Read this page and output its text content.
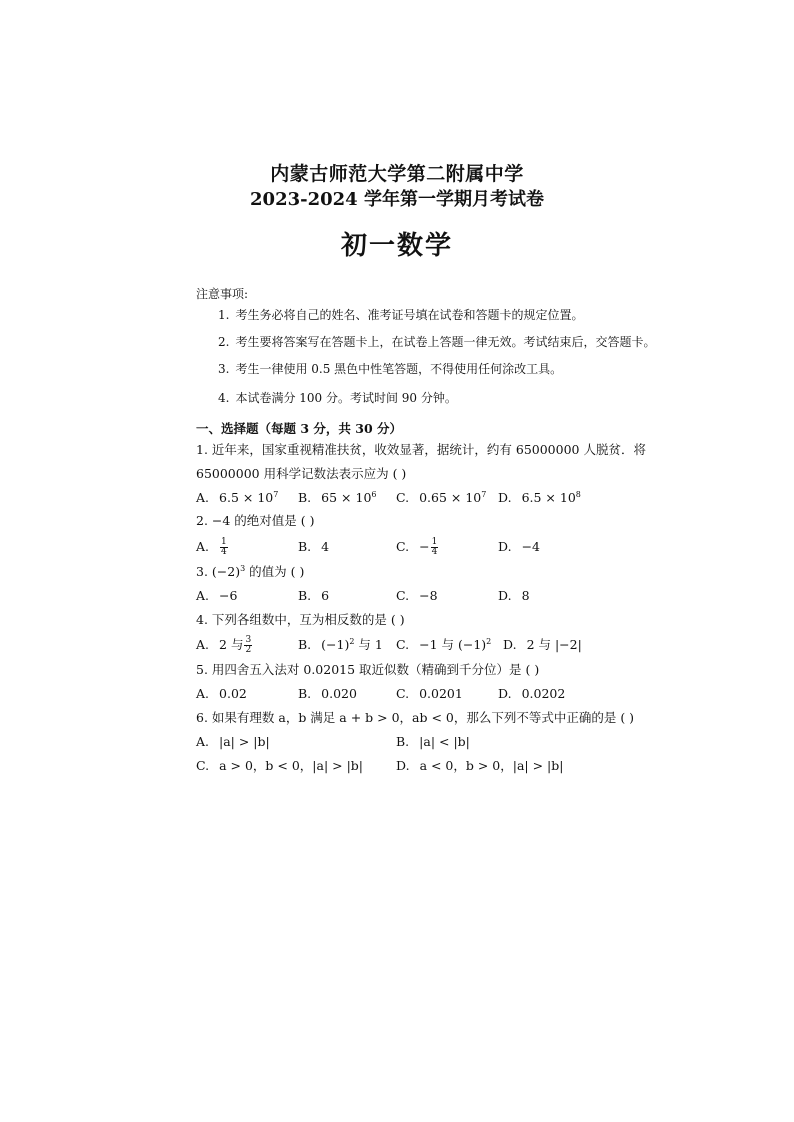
内蒙古师范大学第二附属中学
2023-2024 学年第一学期月考试卷
初一数学
注意事项:
1. 考生务必将自己的姓名、准考证号填在试卷和答题卡的规定位置。
2. 考生要将答案写在答题卡上，在试卷上答题一律无效。考试结束后，交答题卡。
3. 考生一律使用 0.5 黑色中性笔答题，不得使用任何涂改工具。
4. 本试卷满分 100 分。考试时间 90 分钟。
一、选择题（每题 3 分，共 30 分）
1. 近年来，国家重视精准扶贫，收效显著，据统计，约有 65000000 人脱贫．将
65000000 用科学记数法表示应为 ( )
A. $6.5 \times 10^7$ B. $65 \times 10^6$ C. $0.65 \times 10^7$ D. $6.5 \times 10^8$
2. −4 的绝对值是 ( )
A. $\frac{1}{4}$	B. 4	C. − $\frac{1}{4}$	D. −4
3. $(-2)^3$ 的值为 ( )
A. −6	B. 6	C. −8	D. 8
4. 下列各组数中，互为相反数的是 ( )
A. 2 与 $\frac{3}{2}$	B. $(-1)^2$ 与 1 C. −1 与 $(-1)^2$ D. 2 与 |−2|
5. 用四舍五入法对 0.02015 取近似数（精确到千分位）是 ( )
A. 0.02	B. 0.020	C. 0.0201	D. 0.0202
6. 如果有理数 a，b 满足 a + b > 0，ab < 0，那么下列不等式中正确的是 ( )
A. |a| > |b|	B. |a| < |b|
C. a > 0，b < 0，|a| > |b|	D. a < 0，b > 0，|a| > |b|
